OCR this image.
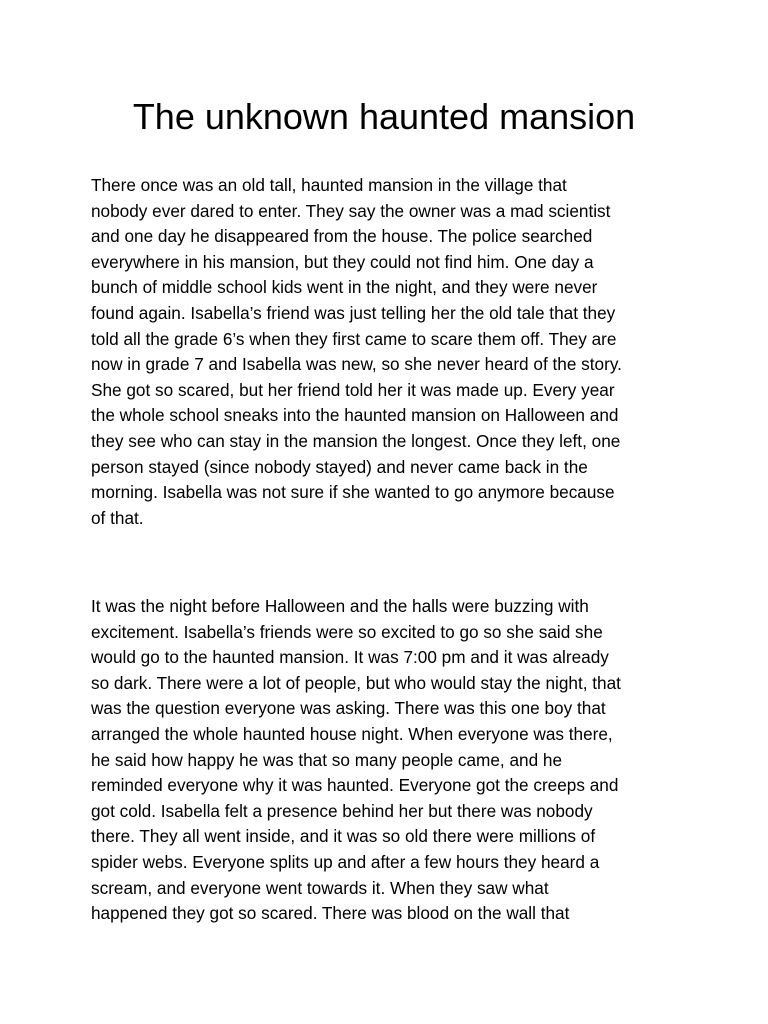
The unknown haunted mansion

There once was an old tall, haunted mansion in the village that
nobody ever dared to enter. They say the owner was a mad scientist
and one day he disappeared from the house. The police searched
everywhere in his mansion, but they could not find him. One day a
bunch of middle school kids went in the night, and they were never
found again. Isabella’s friend was just telling her the old tale that they
told all the grade 6’s when they first came to scare them off. They are
now in grade 7 and Isabella was new, so she never heard of the story.
She got so scared, but her friend told her it was made up. Every year
the whole school sneaks into the haunted mansion on Halloween and
they see who can stay in the mansion the longest. Once they left, one
person stayed (since nobody stayed) and never came back in the
morning. Isabella was not sure if she wanted to go anymore because
of that.

It was the night before Halloween and the halls were buzzing with
excitement. Isabella’s friends were so excited to go so she said she
would go to the haunted mansion. It was 7:00 pm and it was already
so dark. There were a lot of people, but who would stay the night, that
was the question everyone was asking. There was this one boy that
arranged the whole haunted house night. When everyone was there,
he said how happy he was that so many people came, and he
reminded everyone why it was haunted. Everyone got the creeps and
got cold. Isabella felt a presence behind her but there was nobody
there. They all went inside, and it was so old there were millions of
spider webs. Everyone splits up and after a few hours they heard a
scream, and everyone went towards it. When they saw what
happened they got so scared. There was blood on the wall that
